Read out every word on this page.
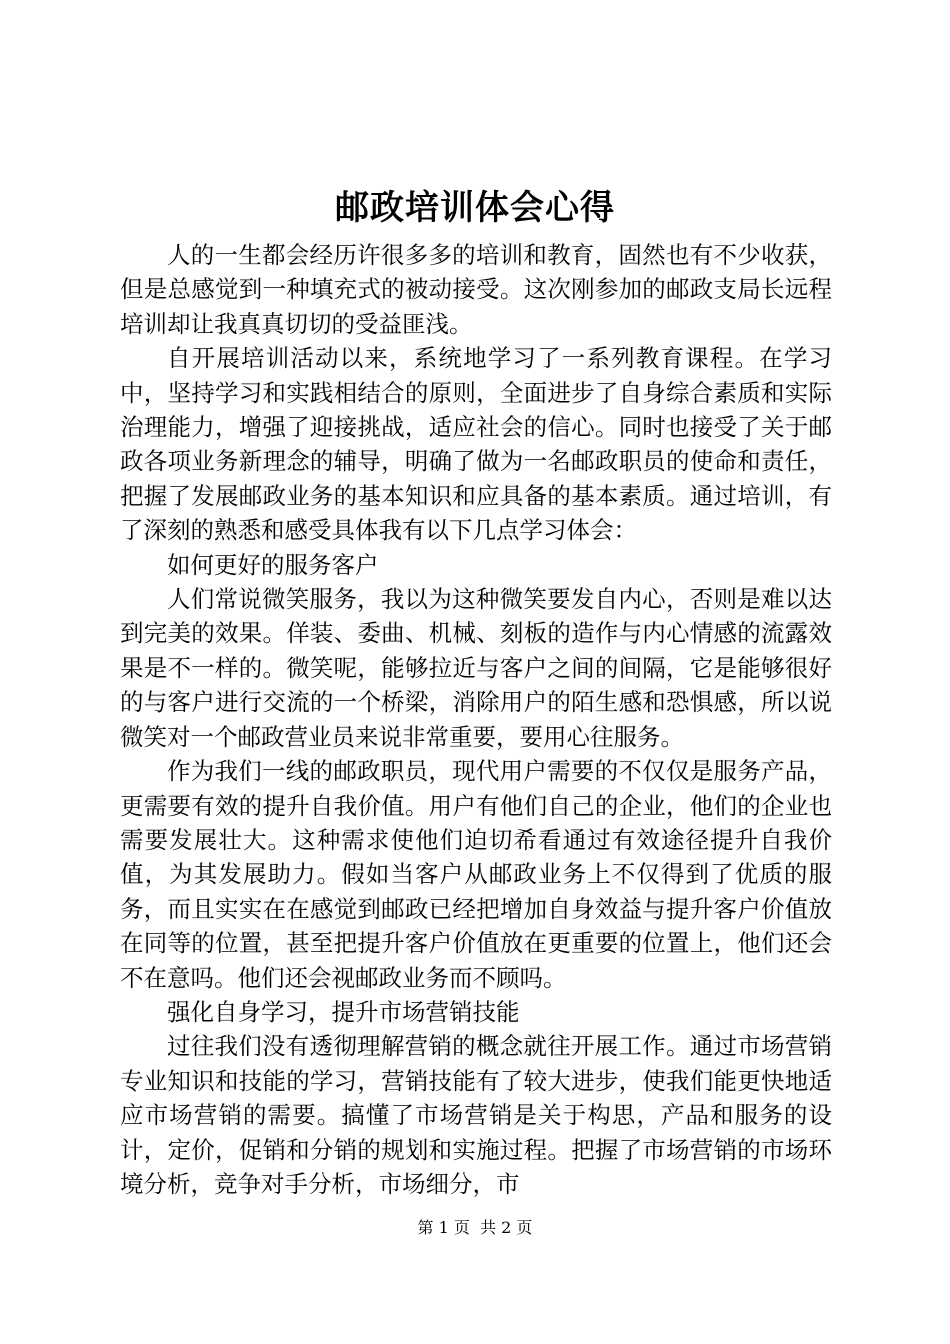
邮政培训体会心得

人的一生都会经历许很多多的培训和教育，固然也有不少收获，但是总感觉到一种填充式的被动接受。这次刚参加的邮政支局长远程培训却让我真真切切的受益匪浅。

自开展培训活动以来，系统地学习了一系列教育课程。在学习中，坚持学习和实践相结合的原则，全面进步了自身综合素质和实际治理能力，增强了迎接挑战，适应社会的信心。同时也接受了关于邮政各项业务新理念的辅导，明确了做为一名邮政职员的使命和责任，把握了发展邮政业务的基本知识和应具备的基本素质。通过培训，有了深刻的熟悉和感受具体我有以下几点学习体会：

如何更好的服务客户

人们常说微笑服务，我以为这种微笑要发自内心，否则是难以达到完美的效果。佯装、委曲、机械、刻板的造作与内心情感的流露效果是不一样的。微笑呢，能够拉近与客户之间的间隔，它是能够很好的与客户进行交流的一个桥梁，消除用户的陌生感和恐惧感，所以说微笑对一个邮政营业员来说非常重要，要用心往服务。

作为我们一线的邮政职员，现代用户需要的不仅仅是服务产品，更需要有效的提升自我价值。用户有他们自己的企业，他们的企业也需要发展壮大。这种需求使他们迫切希看通过有效途径提升自我价值，为其发展助力。假如当客户从邮政业务上不仅得到了优质的服务，而且实实在在感觉到邮政已经把增加自身效益与提升客户价值放在同等的位置，甚至把提升客户价值放在更重要的位置上，他们还会不在意吗。他们还会视邮政业务而不顾吗。

强化自身学习，提升市场营销技能

过往我们没有透彻理解营销的概念就往开展工作。通过市场营销专业知识和技能的学习，营销技能有了较大进步，使我们能更快地适应市场营销的需要。搞懂了市场营销是关于构思，产品和服务的设计，定价，促销和分销的规划和实施过程。把握了市场营销的市场环境分析，竞争对手分析，市场细分，市

第 1 页  共 2 页
